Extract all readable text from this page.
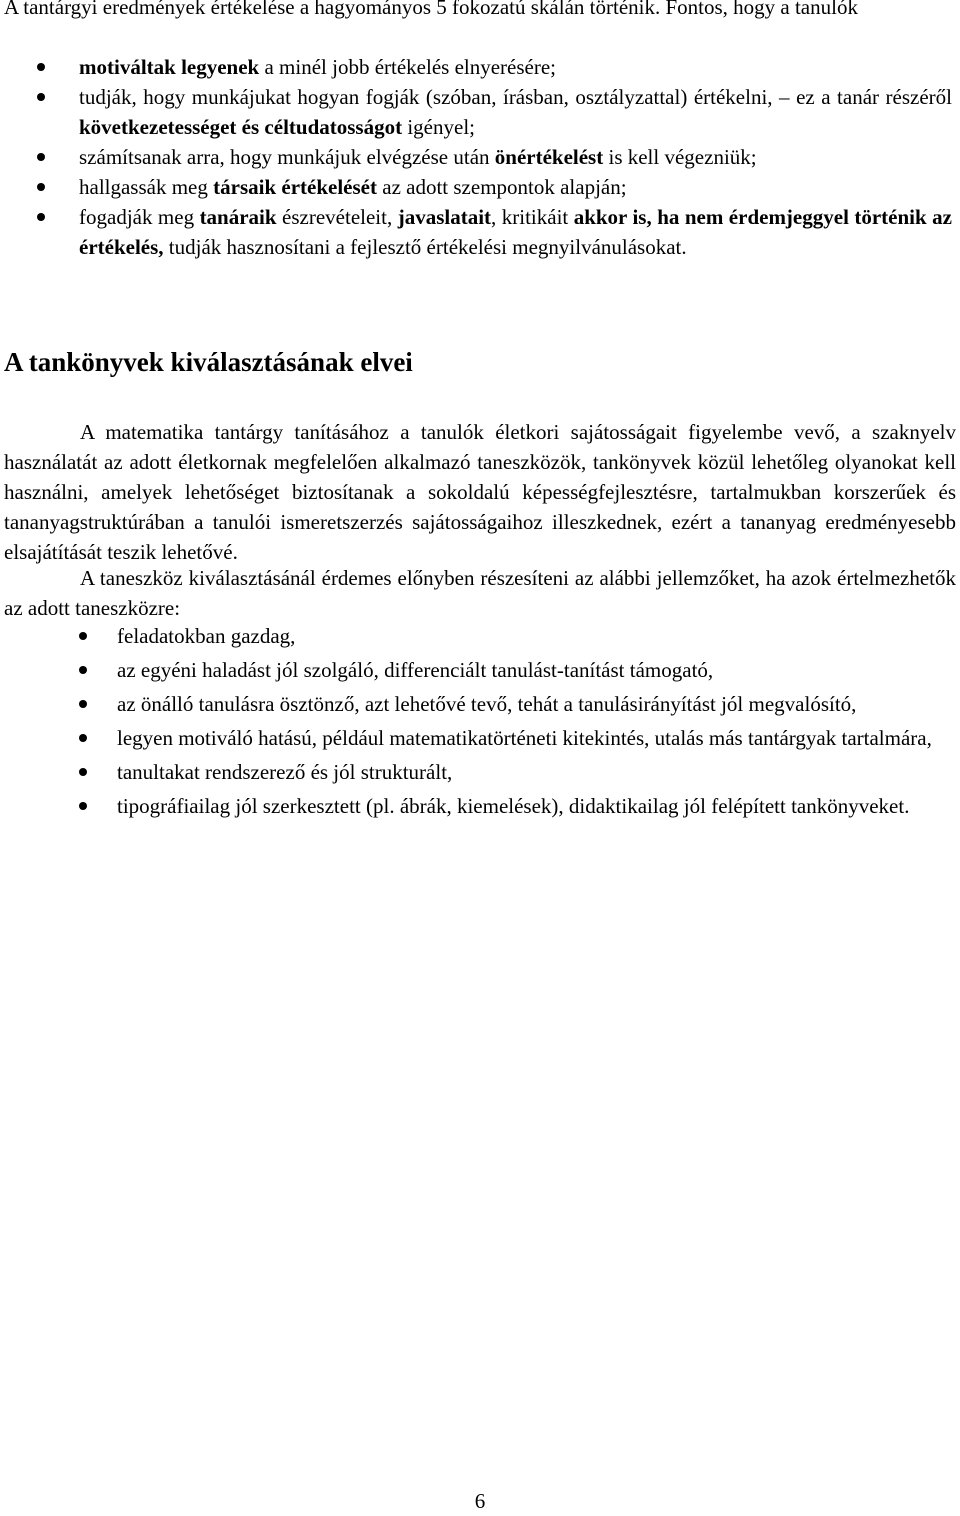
A tantárgyi eredmények értékelése a hagyományos 5 fokozatú skálán történik. Fontos, hogy a tanulók

motiváltak legyenek a minél jobb értékelés elnyerésére;
tudják, hogy munkájukat hogyan fogják (szóban, írásban, osztályzattal) értékelni, – ez a tanár részéről következetességet és céltudatosságot igényel;
számítsanak arra, hogy munkájuk elvégzése után önértékelést is kell végezniük;
hallgassák meg társaik értékelését az adott szempontok alapján;
fogadják meg tanáraik észrevételeit, javaslatait, kritikáit akkor is, ha nem érdemjeggyel történik az értékelés, tudják hasznosítani a fejlesztő értékelési megnyilvánulásokat.
A tankönyvek kiválasztásának elvei

A matematika tantárgy tanításához a tanulók életkori sajátosságait figyelembe vevő, a szaknyelv használatát az adott életkornak megfelelően alkalmazó taneszközök, tankönyvek közül lehetőleg olyanokat kell használni, amelyek lehetőséget biztosítanak a sokoldalú képességfejlesztésre, tartalmukban korszerűek és tananyagstruktúrában a tanulói ismeretszerzés sajátosságaihoz illeszkednek, ezért a tananyag eredményesebb elsajátítását teszik lehetővé.

A taneszköz kiválasztásánál érdemes előnyben részesíteni az alábbi jellemzőket, ha azok értelmezhetők az adott taneszközre:

feladatokban gazdag,
az egyéni haladást jól szolgáló, differenciált tanulást-tanítást támogató,
az önálló tanulásra ösztönző, azt lehetővé tevő, tehát a tanulásirányítást jól megvalósító,
legyen motiváló hatású, például matematikatörténeti kitekintés, utalás más tantárgyak tartalmára,
tanultakat rendszerező és jól strukturált,
tipográfiailag jól szerkesztett (pl. ábrák, kiemelések), didaktikailag jól felépített tankönyveket.
6
